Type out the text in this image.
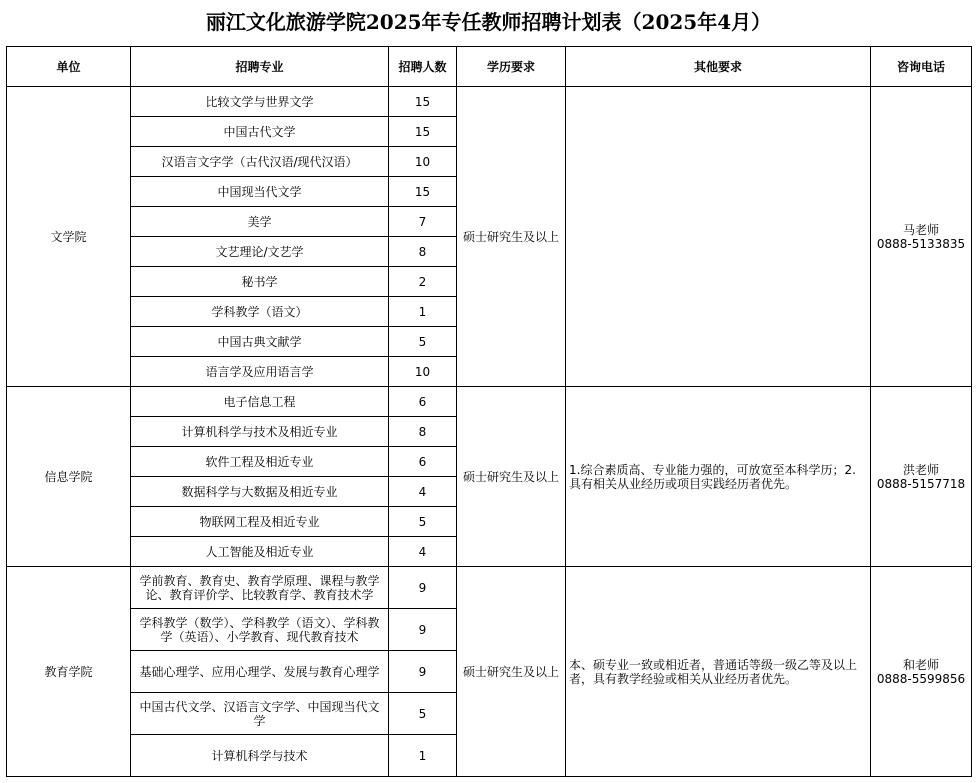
丽江文化旅游学院2025年专任教师招聘计划表（2025年4月）
单位	招聘专业	招聘人数	学历要求	其他要求	咨询电话
文学院	比较文学与世界文学	15	硕士研究生及以上		马老师
0888-5133835

	中国古代文学	15			
	汉语言文字学（古代汉语/现代汉语）	10			
	中国现当代文学	15			
	美学	7			
	文艺理论/文艺学	8			
	秘书学	2			
	学科教学（语文）	1			
	中国古典文献学	5			
	语言学及应用语言学	10			
信息学院	电子信息工程	6	硕士研究生及以上	1.综合素质高、专业能力强的，可放宽至本科学历；2.具有相关从业经历或项目实践经历者优先。	洪老师
0888-5157718

	计算机科学与技术及相近专业	8			
	软件工程及相近专业	6			
	数据科学与大数据及相近专业	4			
	物联网工程及相近专业	5			
	人工智能及相近专业	4			
教育学院	学前教育、教育史、教育学原理、课程与教学论、教育评价学、比较教育学、教育技术学	9	硕士研究生及以上	本、硕专业一致或相近者，普通话等级一级乙等及以上者，具有教学经验或相关从业经历者优先。	和老师
0888-5599856

	学科教学（数学）、学科教学（语文）、学科教学（英语）、小学教育、现代教育技术	9			
	基础心理学、应用心理学、发展与教育心理学	9			
	中国古代文学、汉语言文字学、中国现当代文学	5			
	计算机科学与技术	1			
